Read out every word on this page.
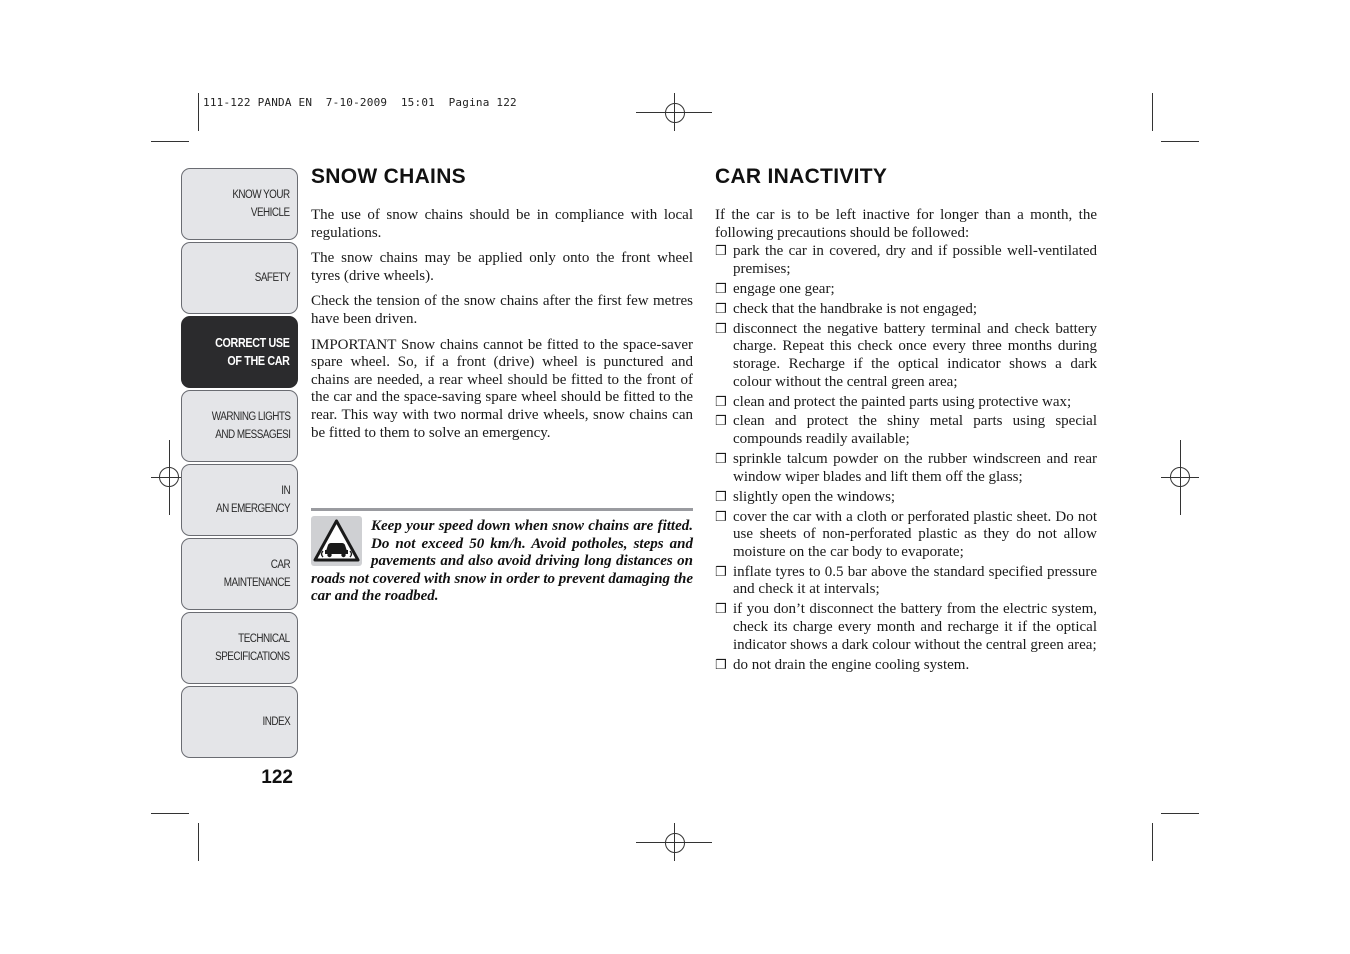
111-122 PANDA EN  7-10-2009  15:01  Pagina 122
KNOW YOUR
VEHICLE
SAFETY
CORRECT USE
OF THE CAR
WARNING LIGHTS
AND MESSAGESI
IN
AN EMERGENCY
CAR
MAINTENANCE
TECHNICAL
SPECIFICATIONS
INDEX
122
SNOW CHAINS

The use of snow chains should be in compliance with local regulations.

The snow chains may be applied only onto the front wheel tyres (drive wheels).

Check the tension of the snow chains after the first few metres have been driven.

IMPORTANT Snow chains cannot be fitted to the space-saver spare wheel. So, if a front (drive) wheel is punctured and chains are needed, a rear wheel should be fitted to the front of the car and the space-saving spare wheel should be fitted to the rear. This way with two normal drive wheels, snow chains can be fitted to them to solve an emergency.

Keep your speed down when snow chains are fitted. Do not exceed 50 km/h. Avoid potholes, steps and pavements and also avoid driving long distances on roads not covered with snow in order to prevent damaging the car and the roadbed.
CAR INACTIVITY

If the car is to be left inactive for longer than a month, the following precautions should be followed:

❒ park the car in covered, dry and if possible well-ventilated premises;
❒ engage one gear;
❒ check that the handbrake is not engaged;
❒ disconnect the negative battery terminal and check battery charge. Repeat this check once every three months during storage. Recharge if the optical indicator shows a dark colour without the central green area;
❒ clean and protect the painted parts using protective wax;
❒ clean and protect the shiny metal parts using special compounds readily available;
❒ sprinkle talcum powder on the rubber windscreen and rear window wiper blades and lift them off the glass;
❒ slightly open the windows;
❒ cover the car with a cloth or perforated plastic sheet. Do not use sheets of non-perforated plastic as they do not allow moisture on the car body to evaporate;
❒ inflate tyres to 0.5 bar above the standard specified pressure and check it at intervals;
❒ if you don’t disconnect the battery from the electric system, check its charge every month and recharge it if the optical indicator shows a dark colour without the central green area;
❒ do not drain the engine cooling system.
